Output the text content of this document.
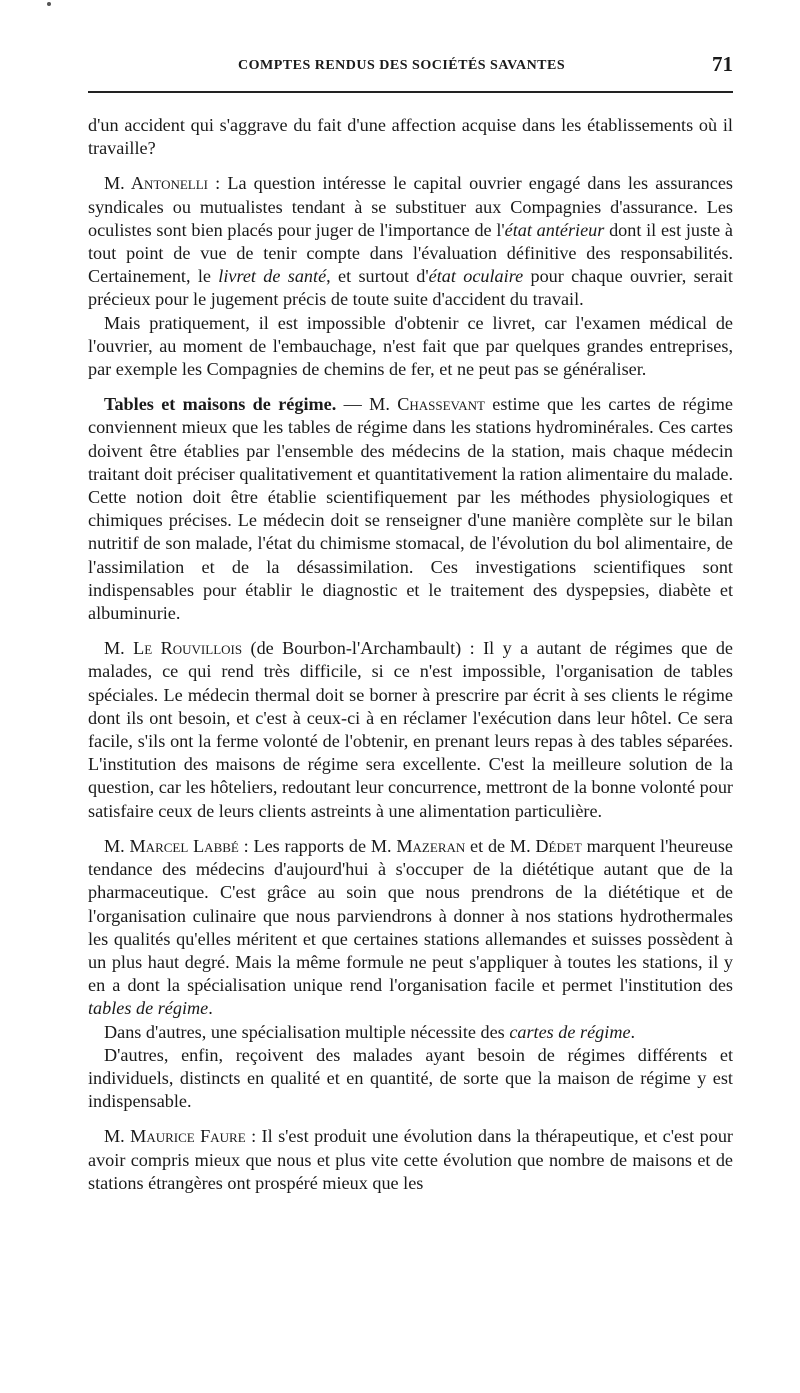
COMPTES RENDUS DES SOCIÉTÉS SAVANTES	71

d'un accident qui s'aggrave du fait d'une affection acquise dans les établissements où il travaille?

M. Antonelli : La question intéresse le capital ouvrier engagé dans les assurances syndicales ou mutualistes tendant à se substituer aux Compagnies d'assurance. Les oculistes sont bien placés pour juger de l'importance de l'état antérieur dont il est juste à tout point de vue de tenir compte dans l'évaluation définitive des responsabilités. Certainement, le livret de santé, et surtout d'état oculaire pour chaque ouvrier, serait précieux pour le jugement précis de toute suite d'accident du travail.

Mais pratiquement, il est impossible d'obtenir ce livret, car l'examen médical de l'ouvrier, au moment de l'embauchage, n'est fait que par quelques grandes entreprises, par exemple les Compagnies de chemins de fer, et ne peut pas se généraliser.

Tables et maisons de régime. — M. Chassevant estime que les cartes de régime conviennent mieux que les tables de régime dans les stations hydrominérales. Ces cartes doivent être établies par l'ensemble des médecins de la station, mais chaque médecin traitant doit préciser qualitativement et quantitativement la ration alimentaire du malade. Cette notion doit être établie scientifiquement par les méthodes physiologiques et chimiques précises. Le médecin doit se renseigner d'une manière complète sur le bilan nutritif de son malade, l'état du chimisme stomacal, de l'évolution du bol alimentaire, de l'assimilation et de la désassimilation. Ces investigations scientifiques sont indispensables pour établir le diagnostic et le traitement des dyspepsies, diabète et albuminurie.

M. Le Rouvillois (de Bourbon-l'Archambault) : Il y a autant de régimes que de malades, ce qui rend très difficile, si ce n'est impossible, l'organisation de tables spéciales. Le médecin thermal doit se borner à prescrire par écrit à ses clients le régime dont ils ont besoin, et c'est à ceux-ci à en réclamer l'exécution dans leur hôtel. Ce sera facile, s'ils ont la ferme volonté de l'obtenir, en prenant leurs repas à des tables séparées. L'institution des maisons de régime sera excellente. C'est la meilleure solution de la question, car les hôteliers, redoutant leur concurrence, mettront de la bonne volonté pour satisfaire ceux de leurs clients astreints à une alimentation particulière.

M. Marcel Labbé : Les rapports de M. Mazeran et de M. Dédet marquent l'heureuse tendance des médecins d'aujourd'hui à s'occuper de la diététique autant que de la pharmaceutique. C'est grâce au soin que nous prendrons de la diététique et de l'organisation culinaire que nous parviendrons à donner à nos stations hydrothermales les qualités qu'elles méritent et que certaines stations allemandes et suisses possèdent à un plus haut degré. Mais la même formule ne peut s'appliquer à toutes les stations, il y en a dont la spécialisation unique rend l'organisation facile et permet l'institution des tables de régime.

Dans d'autres, une spécialisation multiple nécessite des cartes de régime.

D'autres, enfin, reçoivent des malades ayant besoin de régimes différents et individuels, distincts en qualité et en quantité, de sorte que la maison de régime y est indispensable.

M. Maurice Faure : Il s'est produit une évolution dans la thérapeutique, et c'est pour avoir compris mieux que nous et plus vite cette évolution que nombre de maisons et de stations étrangères ont prospéré mieux que les
